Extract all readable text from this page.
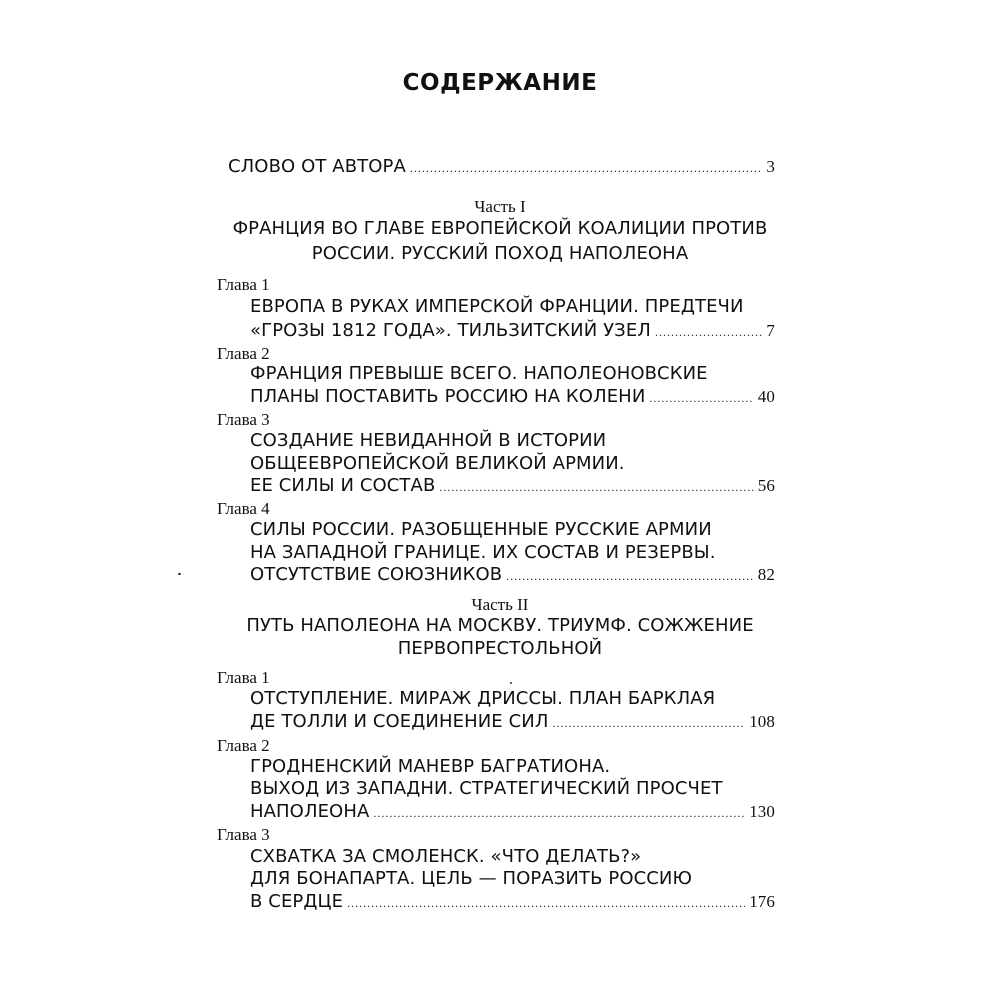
СОДЕРЖАНИЕ
СЛОВО ОТ АВТОРА .....	3
Часть I
ФРАНЦИЯ ВО ГЛАВЕ ЕВРОПЕЙСКОЙ КОАЛИЦИИ ПРОТИВ
РОССИИ. РУССКИЙ ПОХОД НАПОЛЕОНА
Глава 1
ЕВРОПА В РУКАХ ИМПЕРСКОЙ ФРАНЦИИ. ПРЕДТЕЧИ
«ГРОЗЫ 1812 ГОДА». ТИЛЬЗИТСКИЙ УЗЕЛ .....	7
Глава 2
ФРАНЦИЯ ПРЕВЫШЕ ВСЕГО. НАПОЛЕОНОВСКИЕ
ПЛАНЫ ПОСТАВИТЬ РОССИЮ НА КОЛЕНИ .....	40
Глава 3
СОЗДАНИЕ НЕВИДАННОЙ В ИСТОРИИ
ОБЩЕЕВРОПЕЙСКОЙ ВЕЛИКОЙ АРМИИ.
ЕЕ СИЛЫ И СОСТАВ .....	56
Глава 4
СИЛЫ РОССИИ. РАЗОБЩЕННЫЕ РУССКИЕ АРМИИ
НА ЗАПАДНОЙ ГРАНИЦЕ. ИХ СОСТАВ И РЕЗЕРВЫ.
ОТСУТСТВИЕ СОЮЗНИКОВ .....	82
Часть II
ПУТЬ НАПОЛЕОНА НА МОСКВУ. ТРИУМФ. СОЖЖЕНИЕ
ПЕРВОПРЕСТОЛЬНОЙ
Глава 1
ОТСТУПЛЕНИЕ. МИРАЖ ДРИССЫ. ПЛАН БАРКЛАЯ
ДЕ ТОЛЛИ И СОЕДИНЕНИЕ СИЛ .....	108
Глава 2
ГРОДНЕНСКИЙ МАНЕВР БАГРАТИОНА.
ВЫХОД ИЗ ЗАПАДНИ. СТРАТЕГИЧЕСКИЙ ПРОСЧЕТ
НАПОЛЕОНА .....	130
Глава 3
СХВАТКА ЗА СМОЛЕНСК. «ЧТО ДЕЛАТЬ?»
ДЛЯ БОНАПАРТА. ЦЕЛЬ — ПОРАЗИТЬ РОССИЮ
В СЕРДЦЕ .....	176
